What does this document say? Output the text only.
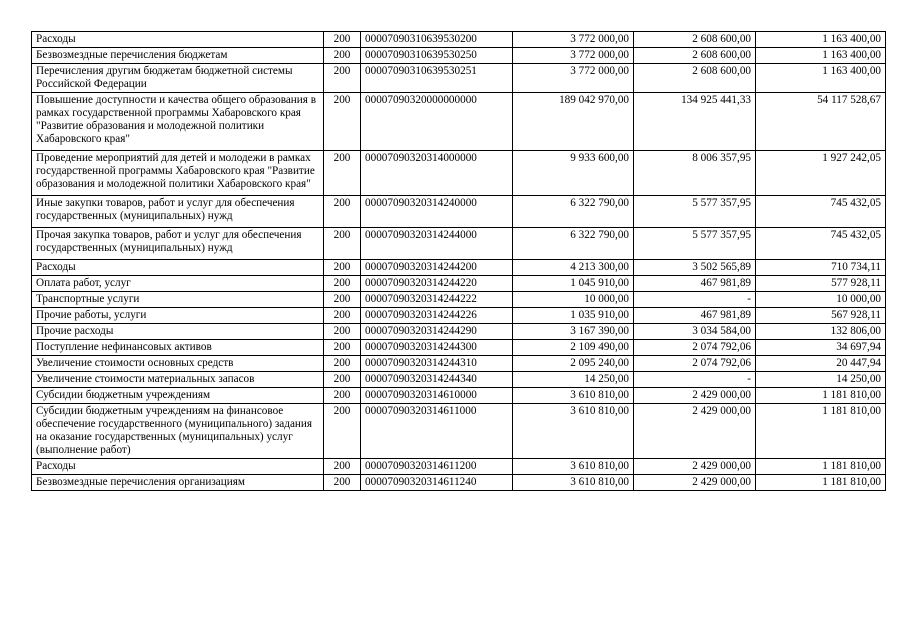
Расходы	200	00007090310639530200	3 772 000,00	2 608 600,00	1 163 400,00
Безвозмездные перечисления бюджетам	200	00007090310639530250	3 772 000,00	2 608 600,00	1 163 400,00
Перечисления другим бюджетам бюджетной системы Российской Федерации	200	00007090310639530251	3 772 000,00	2 608 600,00	1 163 400,00
Повышение доступности и качества общего образования в рамках государственной программы Хабаровского края "Развитие образования и молодежной политики Хабаровского края"	200	00007090320000000000	189 042 970,00	134 925 441,33	54 117 528,67
Проведение мероприятий для детей и молодежи в рамках государственной программы Хабаровского края "Развитие образования и молодежной политики Хабаровского края"	200	00007090320314000000	9 933 600,00	8 006 357,95	1 927 242,05
Иные закупки товаров, работ и услуг для обеспечения государственных (муниципальных) нужд	200	00007090320314240000	6 322 790,00	5 577 357,95	745 432,05
Прочая закупка товаров, работ и услуг для обеспечения государственных (муниципальных) нужд	200	00007090320314244000	6 322 790,00	5 577 357,95	745 432,05
Расходы	200	00007090320314244200	4 213 300,00	3 502 565,89	710 734,11
Оплата работ, услуг	200	00007090320314244220	1 045 910,00	467 981,89	577 928,11
Транспортные услуги	200	00007090320314244222	10 000,00	-	10 000,00
Прочие работы, услуги	200	00007090320314244226	1 035 910,00	467 981,89	567 928,11
Прочие расходы	200	00007090320314244290	3 167 390,00	3 034 584,00	132 806,00
Поступление нефинансовых активов	200	00007090320314244300	2 109 490,00	2 074 792,06	34 697,94
Увеличение стоимости основных средств	200	00007090320314244310	2 095 240,00	2 074 792,06	20 447,94
Увеличение стоимости материальных запасов	200	00007090320314244340	14 250,00	-	14 250,00
Субсидии бюджетным учреждениям	200	00007090320314610000	3 610 810,00	2 429 000,00	1 181 810,00
Субсидии бюджетным учреждениям на финансовое обеспечение государственного (муниципального) задания на оказание государственных (муниципальных) услуг (выполнение работ)	200	00007090320314611000	3 610 810,00	2 429 000,00	1 181 810,00
Расходы	200	00007090320314611200	3 610 810,00	2 429 000,00	1 181 810,00
Безвозмездные перечисления организациям	200	00007090320314611240	3 610 810,00	2 429 000,00	1 181 810,00
